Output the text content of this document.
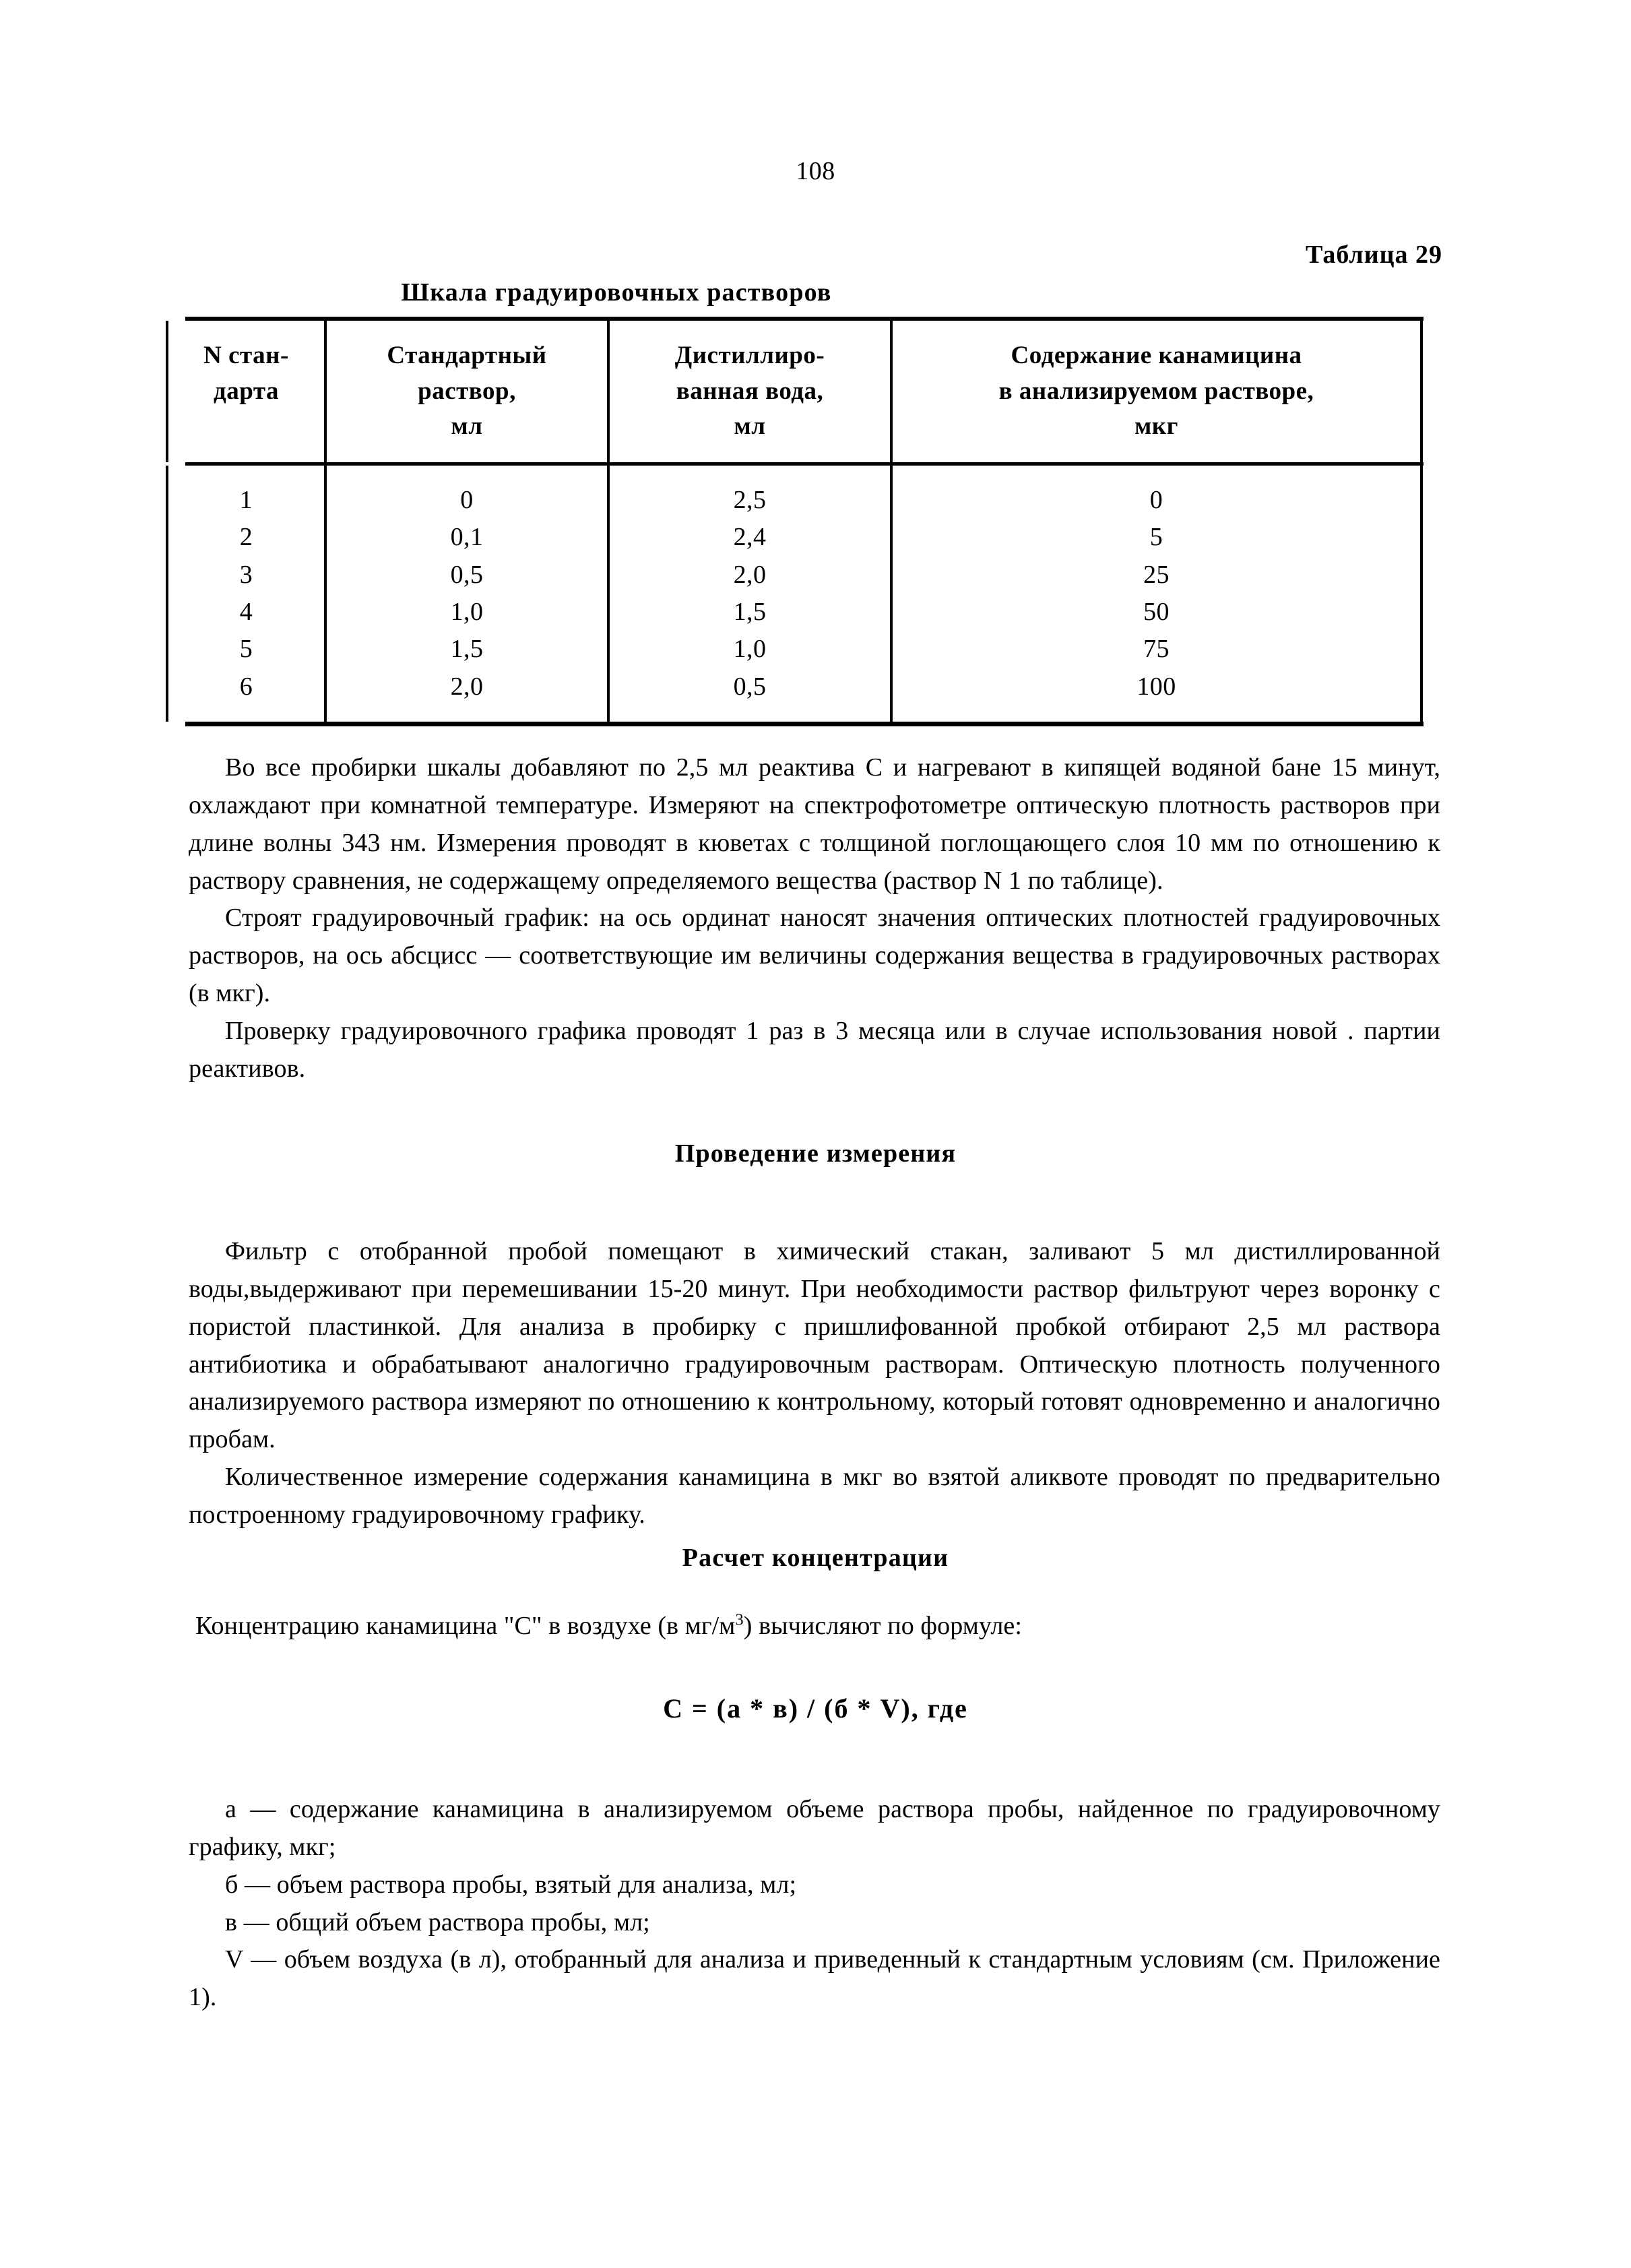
108
Таблица 29
Шкала градуировочных растворов
N стан-
дарта

Стандартный
раствор,
мл

Дистиллиро-
ванная вода,
мл

Содержание канамицина
в анализируемом растворе,
мкг
1	0	2,5	0
2	0,1	2,4	5
3	0,5	2,0	25
4	1,0	1,5	50
5	1,5	1,0	75
6	2,0	0,5	100

Во все пробирки шкалы добавляют по 2,5 мл реактива С и нагревают в кипящей водяной бане 15 минут, охлаждают при комнатной температуре. Измеряют на спектрофотометре оптическую плотность растворов при длине волны 343 нм. Измерения проводят в кюветах с толщиной поглощающего слоя 10 мм по отношению к раствору сравнения, не содержащему определяемого вещества (раствор N 1 по таблице).

Строят градуировочный график: на ось ординат наносят значения оптических плотностей градуировочных растворов, на ось абсцисс — соответствующие им величины содержания вещества в градуировочных растворах (в мкг).

Проверку градуировочного графика проводят 1 раз в 3 месяца или в случае использования новой . партии реактивов.

Проведение измерения

Фильтр с отобранной пробой помещают в химический стакан, заливают 5 мл дистиллированной воды,выдерживают при перемешивании 15-20 минут. При необходимости раствор фильтруют через воронку с пористой пластинкой. Для анализа в пробирку с пришлифованной пробкой отбирают 2,5 мл раствора антибиотика и обрабатывают аналогично градуировочным растворам. Оптическую плотность полученного анализируемого раствора измеряют по отношению к контрольному, который готовят одновременно и аналогично пробам.

Количественное измерение содержания канамицина в мкг во взятой аликвоте проводят по предварительно построенному градуировочному графику.

Расчет концентрации
Концентрацию канамицина "С" в воздухе (в $мг/м^3$) вычисляют по формуле:
С = (а * в) / (б * V), где

а — содержание канамицина в анализируемом объеме раствора пробы, найденное по градуировочному графику, мкг;

б — объем раствора пробы, взятый для анализа, мл;

в — общий объем раствора пробы, мл;

V — объем воздуха (в л), отобранный для анализа и приведенный к стандартным условиям (см. Приложение 1).
